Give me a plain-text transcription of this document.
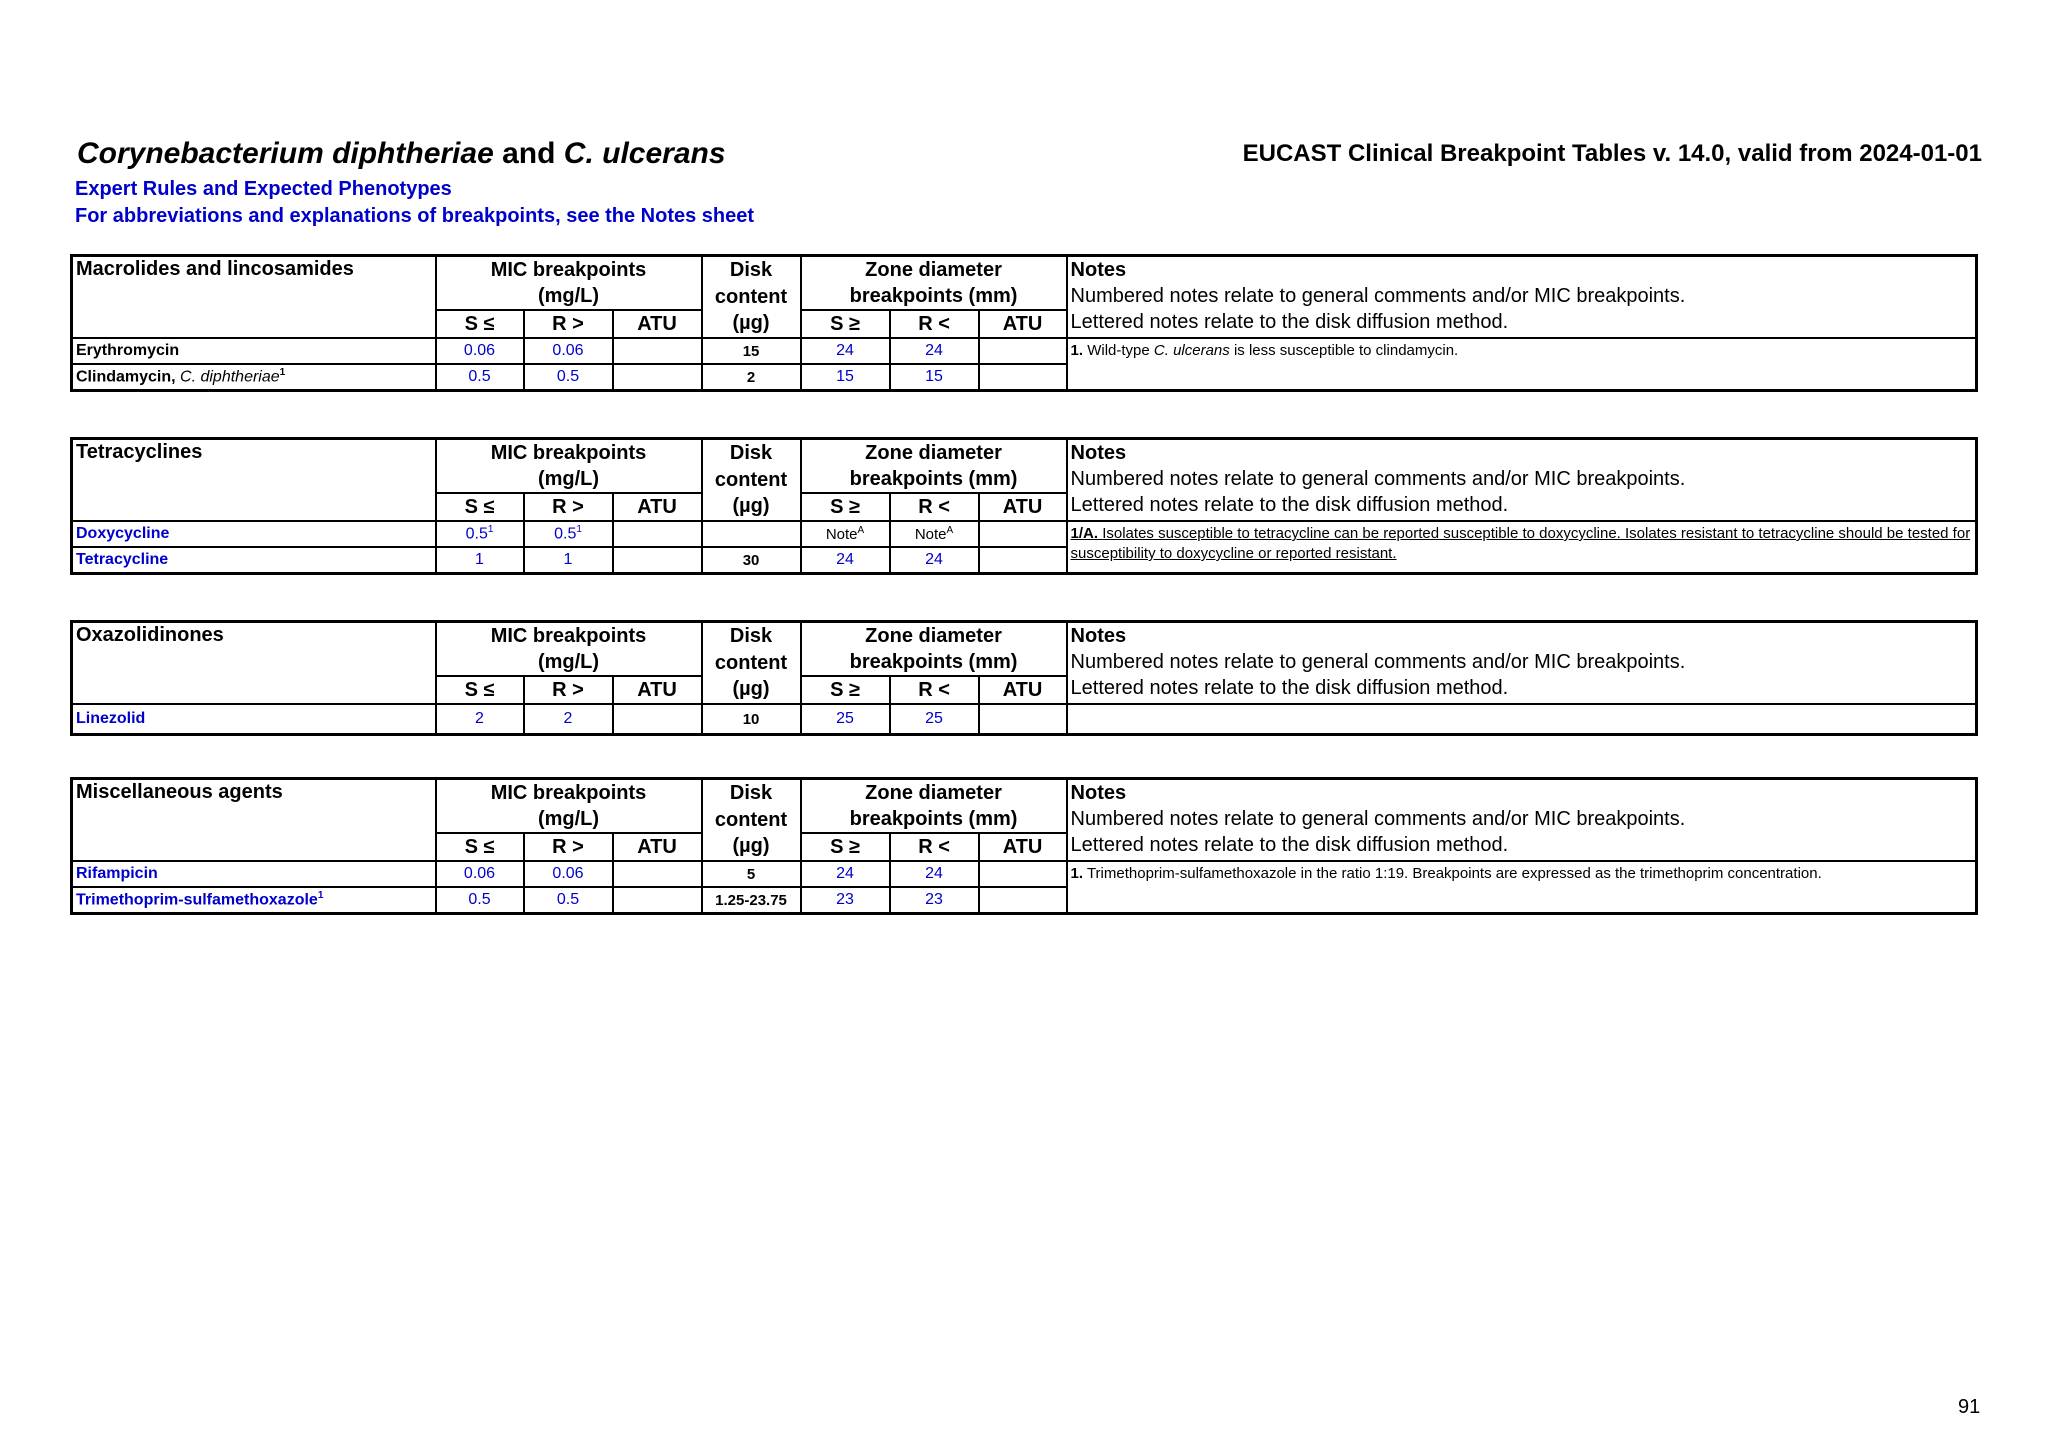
Corynebacterium diphtheriae and C. ulcerans	EUCAST Clinical Breakpoint Tables v. 14.0, valid from 2024-01-01
Expert Rules and Expected Phenotypes
For abbreviations and explanations of breakpoints, see the Notes sheet
Macrolides and lincosamides	MIC breakpoints			Disk	Zone diameter			Notes
Numbered notes relate to general comments and/or MIC breakpoints.
Lettered notes relate to the disk diffusion method.
	(mg/L)			content	breakpoints (mm)			
	S ≤	R >	ATU	(µg)	S ≥	R <	ATU	
Erythromycin	0.06	0.06		15	24	24		1. Wild-type C. ulcerans is less susceptible to clindamycin.
Clindamycin, C. diphtheriae$^1$	0.5	0.5		2	15	15		
Tetracyclines	MIC breakpoints			Disk	Zone diameter			Notes
Numbered notes relate to general comments and/or MIC breakpoints.
Lettered notes relate to the disk diffusion method.
	(mg/L)			content	breakpoints (mm)			
	S ≤	R >	ATU	(µg)	S ≥	R <	ATU	
Doxycycline	$0.5^1$	$0.5^1$			Note$^A$	Note$^A$		1/A. Isolates susceptible to tetracycline can be reported susceptible to doxycycline. Isolates resistant to tetracycline should be tested for susceptibility to doxycycline or reported resistant.
Tetracycline	1	1		30	24	24		
Oxazolidinones	MIC breakpoints			Disk	Zone diameter			Notes
Numbered notes relate to general comments and/or MIC breakpoints.
Lettered notes relate to the disk diffusion method.
	(mg/L)			content	breakpoints (mm)			
	S ≤	R >	ATU	(µg)	S ≥	R <	ATU	
Linezolid	2	2		10	25	25		
Miscellaneous agents	MIC breakpoints			Disk	Zone diameter			Notes
Numbered notes relate to general comments and/or MIC breakpoints.
Lettered notes relate to the disk diffusion method.
	(mg/L)			content	breakpoints (mm)			
	S ≤	R >	ATU	(µg)	S ≥	R <	ATU	
Rifampicin	0.06	0.06		5	24	24		1. Trimethoprim-sulfamethoxazole in the ratio 1:19. Breakpoints are expressed as the trimethoprim concentration.
Trimethoprim-sulfamethoxazole$^1$	0.5	0.5		1.25-23.75	23	23		
91
